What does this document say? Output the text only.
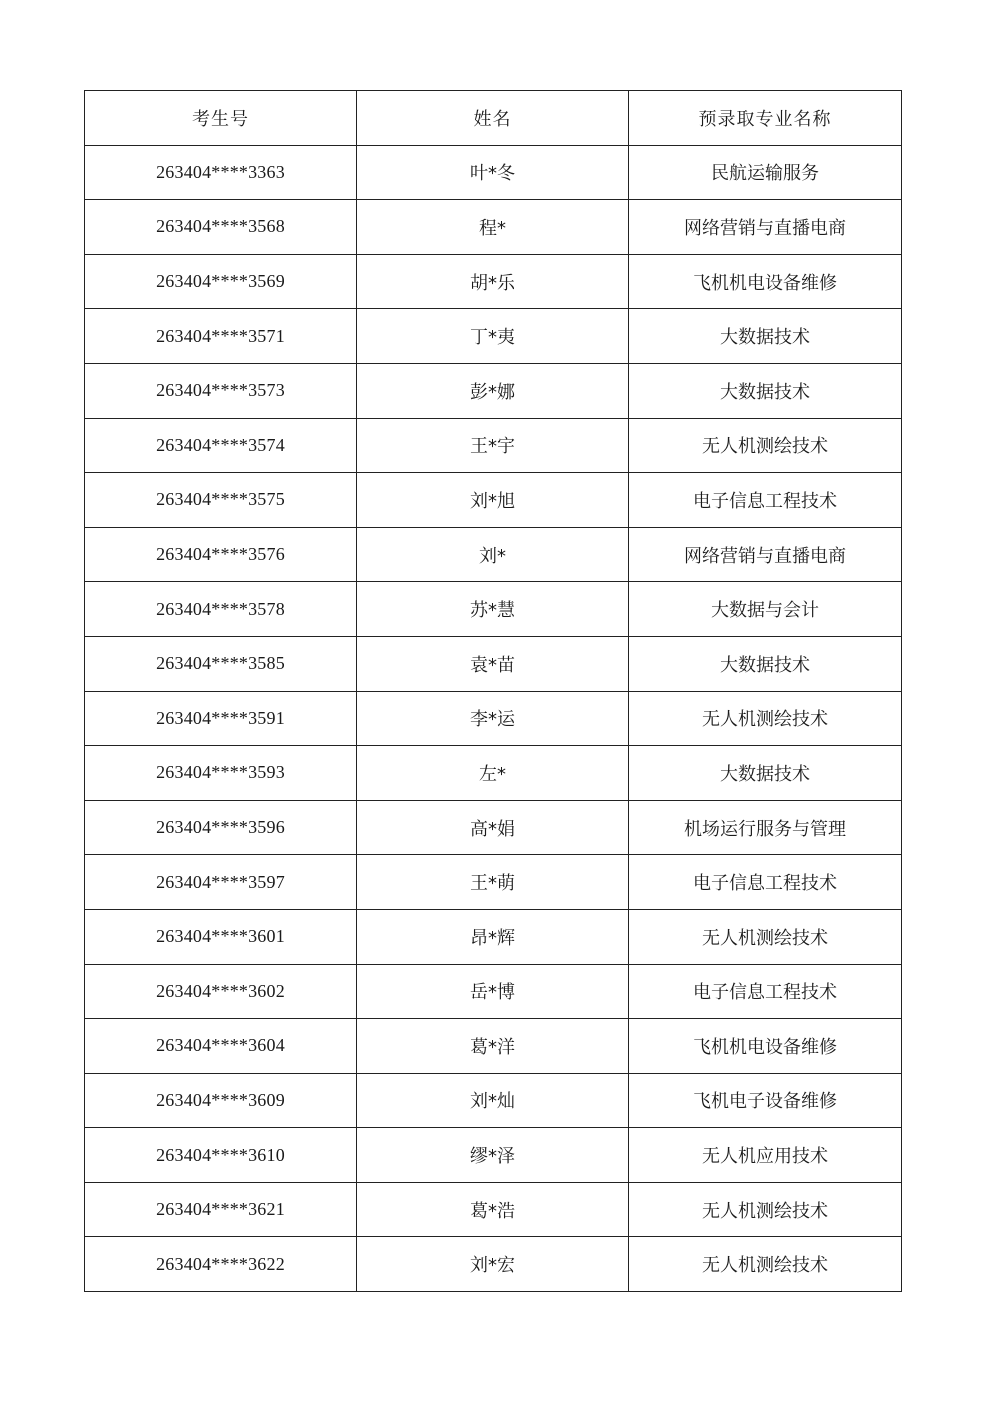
考生号	姓名	预录取专业名称
263404****3363	叶*冬	民航运输服务
263404****3568	程*	网络营销与直播电商
263404****3569	胡*乐	飞机机电设备维修
263404****3571	丁*夷	大数据技术
263404****3573	彭*娜	大数据技术
263404****3574	王*宇	无人机测绘技术
263404****3575	刘*旭	电子信息工程技术
263404****3576	刘*	网络营销与直播电商
263404****3578	苏*慧	大数据与会计
263404****3585	袁*苗	大数据技术
263404****3591	李*运	无人机测绘技术
263404****3593	左*	大数据技术
263404****3596	高*娟	机场运行服务与管理
263404****3597	王*萌	电子信息工程技术
263404****3601	昂*辉	无人机测绘技术
263404****3602	岳*博	电子信息工程技术
263404****3604	葛*洋	飞机机电设备维修
263404****3609	刘*灿	飞机电子设备维修
263404****3610	缪*泽	无人机应用技术
263404****3621	葛*浩	无人机测绘技术
263404****3622	刘*宏	无人机测绘技术
